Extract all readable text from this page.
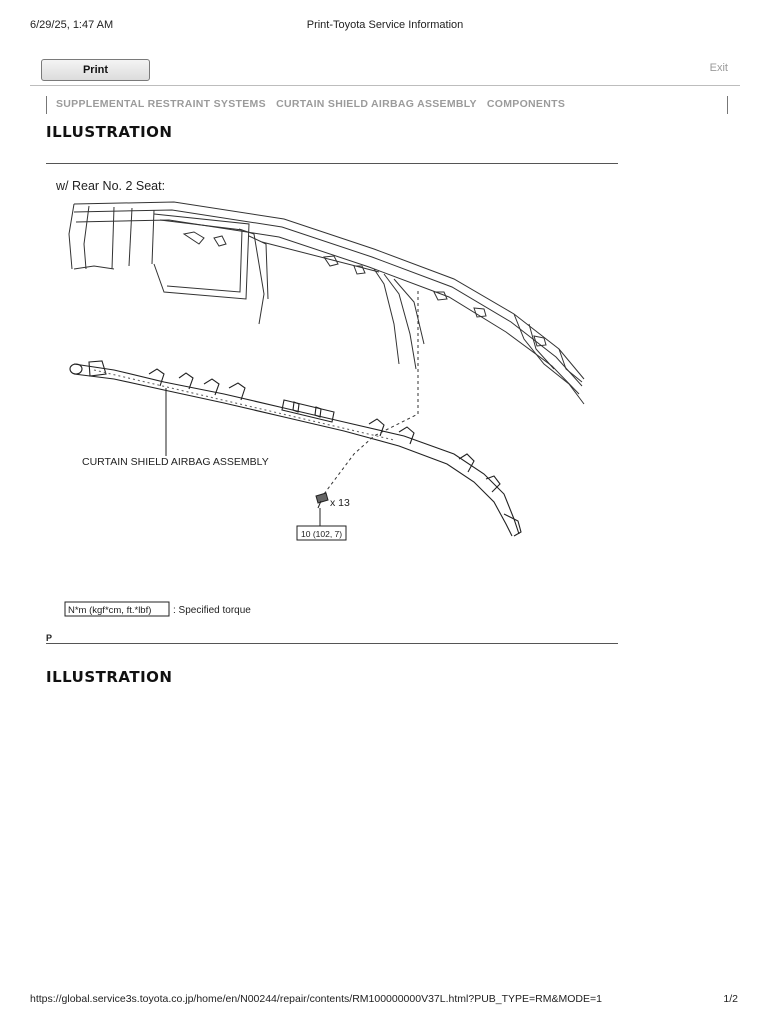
6/29/25, 1:47 AM	Print-Toyota Service Information
Print	Exit
SUPPLEMENTAL RESTRAINT SYSTEMS CURTAIN SHIELD AIRBAG ASSEMBLY COMPONENTS
ILLUSTRATION
w/ Rear No. 2 Seat:
CURTAIN SHIELD AIRBAG ASSEMBLY
x 13
10 (102, 7)
N*m (kgf*cm, ft.*lbf) : Specified torque
P
ILLUSTRATION
https://global.service3s.toyota.co.jp/home/en/N00244/repair/contents/RM100000000V37L.html?PUB_TYPE=RM&MODE=1	1/2
